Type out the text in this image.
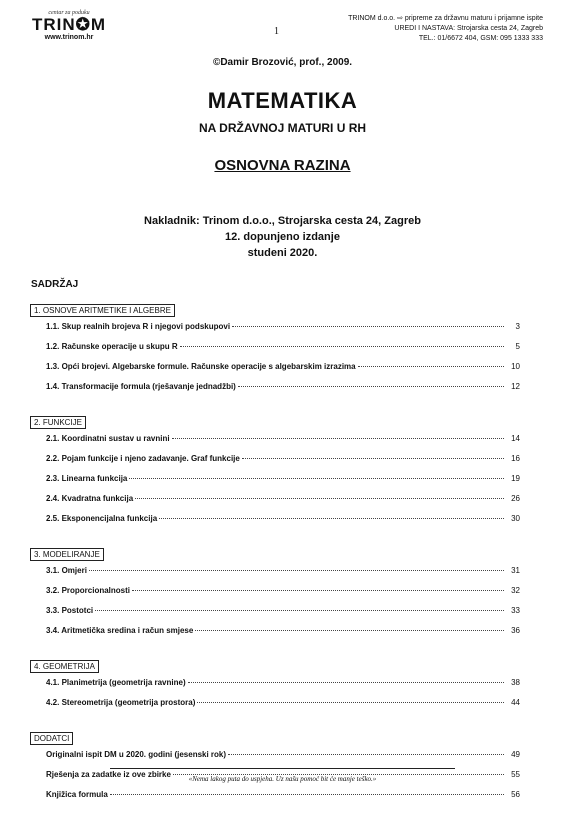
centar za poduku
TRIN✪M
www.trinom.hr
1
TRINOM d.o.o. ⇨ pripreme za državnu maturu i prijamne ispite
UREDI I NASTAVA: Strojarska cesta 24, Zagreb
TEL.: 01/6672 404, GSM: 095 1333 333
©Damir Brozović, prof., 2009.
MATEMATIKA
NA DRŽAVNOJ MATURI U RH
OSNOVNA RAZINA
Nakladnik: Trinom d.o.o., Strojarska cesta 24, Zagreb
12. dopunjeno izdanje
studeni 2020.
SADRŽAJ
1. OSNOVE ARITMETIKE I ALGEBRE
1.1. Skup realnih brojeva R i njegovi podskupovi	3
1.2. Računske operacije u skupu R	5
1.3. Opći brojevi. Algebarske formule. Računske operacije s algebarskim izrazima	10
1.4. Transformacije formula (rješavanje jednadžbi)	12
2. FUNKCIJE
2.1. Koordinatni sustav u ravnini	14
2.2. Pojam funkcije i njeno zadavanje. Graf funkcije	16
2.3. Linearna funkcija	19
2.4. Kvadratna funkcija	26
2.5. Eksponencijalna funkcija	30
3. MODELIRANJE
3.1. Omjeri	31
3.2. Proporcionalnosti	32
3.3. Postotci	33
3.4. Aritmetička sredina i račun smjese	36
4. GEOMETRIJA
4.1. Planimetrija (geometrija ravnine)	38
4.2. Stereometrija (geometrija prostora)	44
DODATCI
Originalni ispit DM u 2020. godini (jesenski rok)	49
Rješenja za zadatke iz ove zbirke	55
Knjižica formula	56
«Nema lakog puta do uspjeha. Uz našu pomoć bit će manje teško.»
